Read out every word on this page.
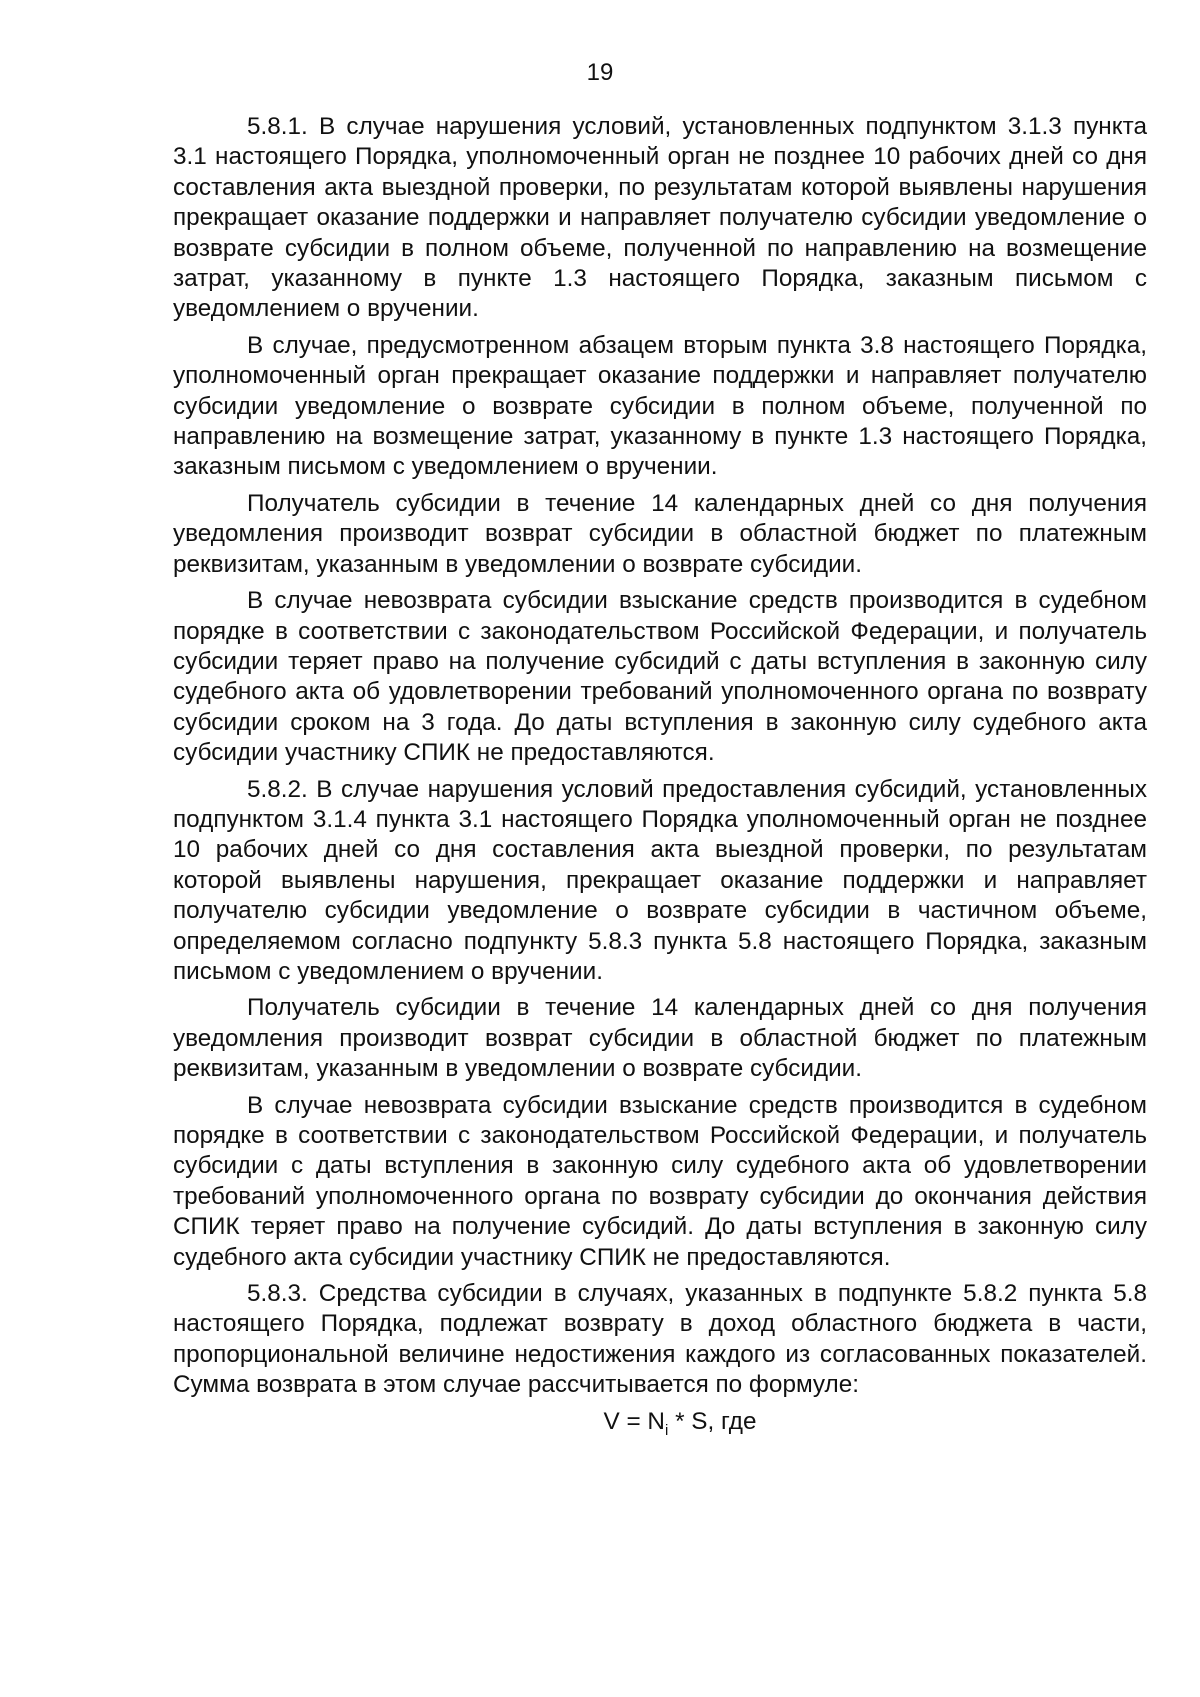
19

5.8.1. В случае нарушения условий, установленных подпунктом 3.1.3 пункта 3.1 настоящего Порядка, уполномоченный орган не позднее 10 рабочих дней со дня составления акта выездной проверки, по результатам которой выявлены нарушения прекращает оказание поддержки и направляет получателю субсидии уведомление о возврате субсидии в полном объеме, полученной по направлению на возмещение затрат, указанному в пункте 1.3 настоящего Порядка, заказным письмом с уведомлением о вручении.

В случае, предусмотренном абзацем вторым пункта 3.8 настоящего Порядка, уполномоченный орган прекращает оказание поддержки и направляет получателю субсидии уведомление о возврате субсидии в полном объеме, полученной по направлению на возмещение затрат, указанному в пункте 1.3 настоящего Порядка, заказным письмом с уведомлением о вручении.

Получатель субсидии в течение 14 календарных дней со дня получения уведомления производит возврат субсидии в областной бюджет по платежным реквизитам, указанным в уведомлении о возврате субсидии.

В случае невозврата субсидии взыскание средств производится в судебном порядке в соответствии с законодательством Российской Федерации, и получатель субсидии теряет право на получение субсидий с даты вступления в законную силу судебного акта об удовлетворении требований уполномоченного органа по возврату субсидии сроком на 3 года. До даты вступления в законную силу судебного акта субсидии участнику СПИК не предоставляются.

5.8.2. В случае нарушения условий предоставления субсидий, установленных подпунктом 3.1.4 пункта 3.1 настоящего Порядка уполномоченный орган не позднее 10 рабочих дней со дня составления акта выездной проверки, по результатам которой выявлены нарушения, прекращает оказание поддержки и направляет получателю субсидии уведомление о возврате субсидии в частичном объеме, определяемом согласно подпункту 5.8.3 пункта 5.8 настоящего Порядка, заказным письмом с уведомлением о вручении.

Получатель субсидии в течение 14 календарных дней со дня получения уведомления производит возврат субсидии в областной бюджет по платежным реквизитам, указанным в уведомлении о возврате субсидии.

В случае невозврата субсидии взыскание средств производится в судебном порядке в соответствии с законодательством Российской Федерации, и получатель субсидии с даты вступления в законную силу судебного акта об удовлетворении требований уполномоченного органа по возврату субсидии до окончания действия СПИК теряет право на получение субсидий. До даты вступления в законную силу судебного акта субсидии участнику СПИК не предоставляются.

5.8.3. Средства субсидии в случаях, указанных в подпункте 5.8.2 пункта 5.8 настоящего Порядка, подлежат возврату в доход областного бюджета в части, пропорциональной величине недостижения каждого из согласованных показателей. Сумма возврата в этом случае рассчитывается по формуле:

$V = N_i * S$, где
